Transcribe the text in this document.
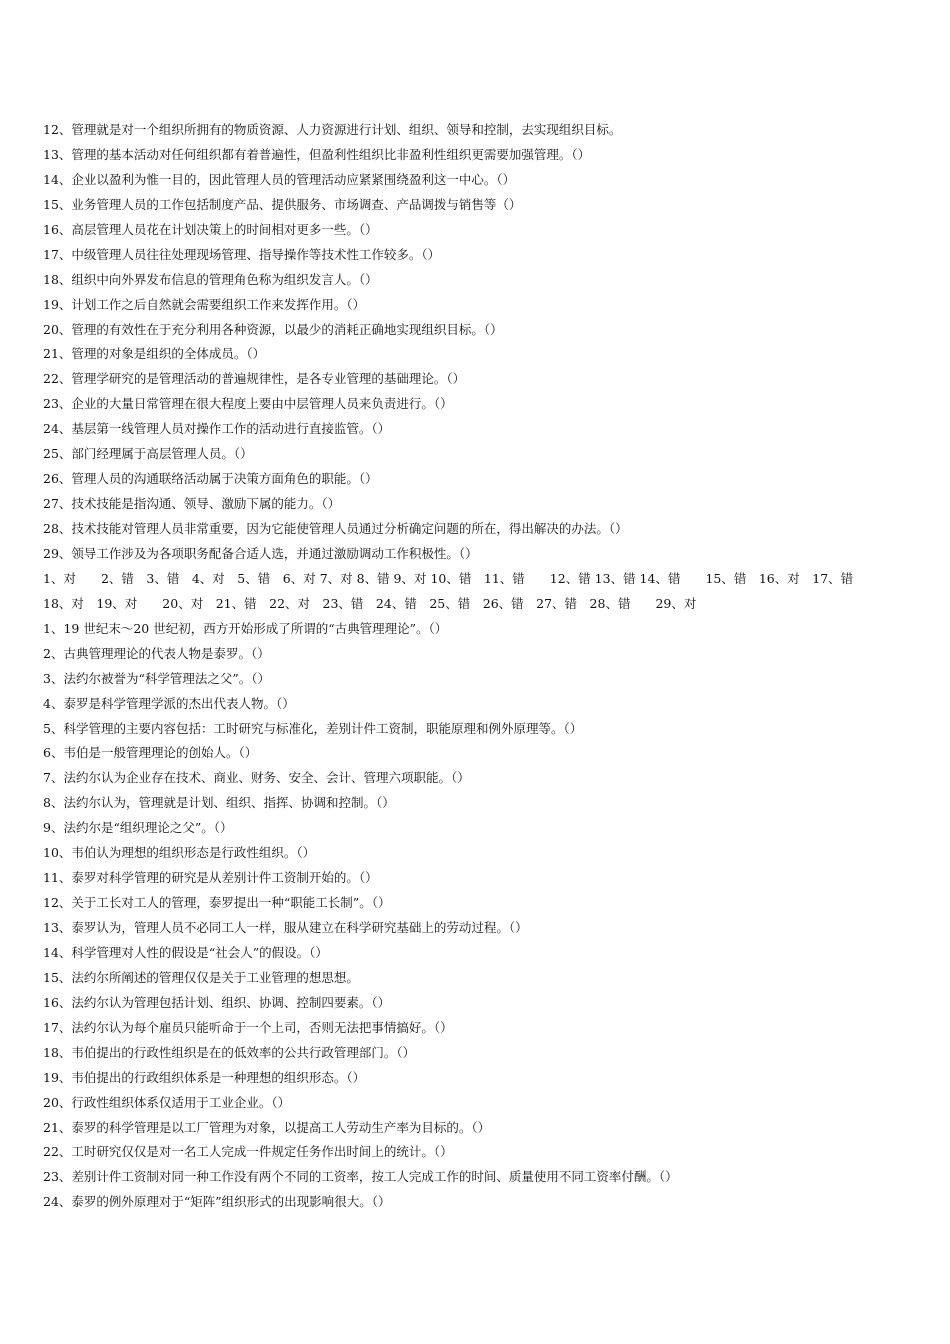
12、管理就是对一个组织所拥有的物质资源、人力资源进行计划、组织、领导和控制，去实现组织目标。
13、管理的基本活动对任何组织都有着普遍性，但盈利性组织比非盈利性组织更需要加强管理。（）
14、企业以盈利为惟一目的，因此管理人员的管理活动应紧紧围绕盈利这一中心。（）
15、业务管理人员的工作包括制度产品、提供服务、市场调查、产品调拨与销售等（）
16、高层管理人员花在计划决策上的时间相对更多一些。（）
17、中级管理人员往往处理现场管理、指导操作等技术性工作较多。（）
18、组织中向外界发布信息的管理角色称为组织发言人。（）
19、计划工作之后自然就会需要组织工作来发挥作用。（）
20、管理的有效性在于充分利用各种资源，以最少的消耗正确地实现组织目标。（）
21、管理的对象是组织的全体成员。（）
22、管理学研究的是管理活动的普遍规律性，是各专业管理的基础理论。（）
23、企业的大量日常管理在很大程度上要由中层管理人员来负责进行。（）
24、基层第一线管理人员对操作工作的活动进行直接监管。（）
25、部门经理属于高层管理人员。（）
26、管理人员的沟通联络活动属于决策方面角色的职能。（）
27、技术技能是指沟通、领导、激励下属的能力。（）
28、技术技能对管理人员非常重要，因为它能使管理人员通过分析确定问题的所在，得出解决的办法。（）
29、领导工作涉及为各项职务配备合适人选，并通过激励调动工作积极性。（）
1、对　　2、错　3、错　4、对　5、错　6、对 7、对 8、错 9、对 10、错　11、错　　12、错 13、错 14、错　　15、错　16、对　17、错
18、对　19、对　　20、对　21、错　22、对　23、错　24、错　25、错　26、错　27、错　28、错　　29、对
1、19 世纪末～20 世纪初，西方开始形成了所谓的“古典管理理论”。（）
2、古典管理理论的代表人物是泰罗。（）
3、法约尔被誉为“科学管理法之父”。（）
4、泰罗是科学管理学派的杰出代表人物。（）
5、科学管理的主要内容包括：工时研究与标准化，差别计件工资制，职能原理和例外原理等。（）
6、韦伯是一般管理理论的创始人。（）
7、法约尔认为企业存在技术、商业、财务、安全、会计、管理六项职能。（）
8、法约尔认为，管理就是计划、组织、指挥、协调和控制。（）
9、法约尔是“组织理论之父”。（）
10、韦伯认为理想的组织形态是行政性组织。（）
11、泰罗对科学管理的研究是从差别计件工资制开始的。（）
12、关于工长对工人的管理，泰罗提出一种“职能工长制”。（）
13、泰罗认为，管理人员不必同工人一样，服从建立在科学研究基础上的劳动过程。（）
14、科学管理对人性的假设是“社会人”的假设。（）
15、法约尔所阐述的管理仅仅是关于工业管理的想思想。
16、法约尔认为管理包括计划、组织、协调、控制四要素。（）
17、法约尔认为每个雇员只能听命于一个上司，否则无法把事情搞好。（）
18、韦伯提出的行政性组织是在的低效率的公共行政管理部门。（）
19、韦伯提出的行政组织体系是一种理想的组织形态。（）
20、行政性组织体系仅适用于工业企业。（）
21、泰罗的科学管理是以工厂管理为对象，以提高工人劳动生产率为目标的。（）
22、工时研究仅仅是对一名工人完成一件规定任务作出时间上的统计。（）
23、差别计件工资制对同一种工作没有两个不同的工资率，按工人完成工作的时间、质量使用不同工资率付酬。（）
24、泰罗的例外原理对于“矩阵”组织形式的出现影响很大。（）
